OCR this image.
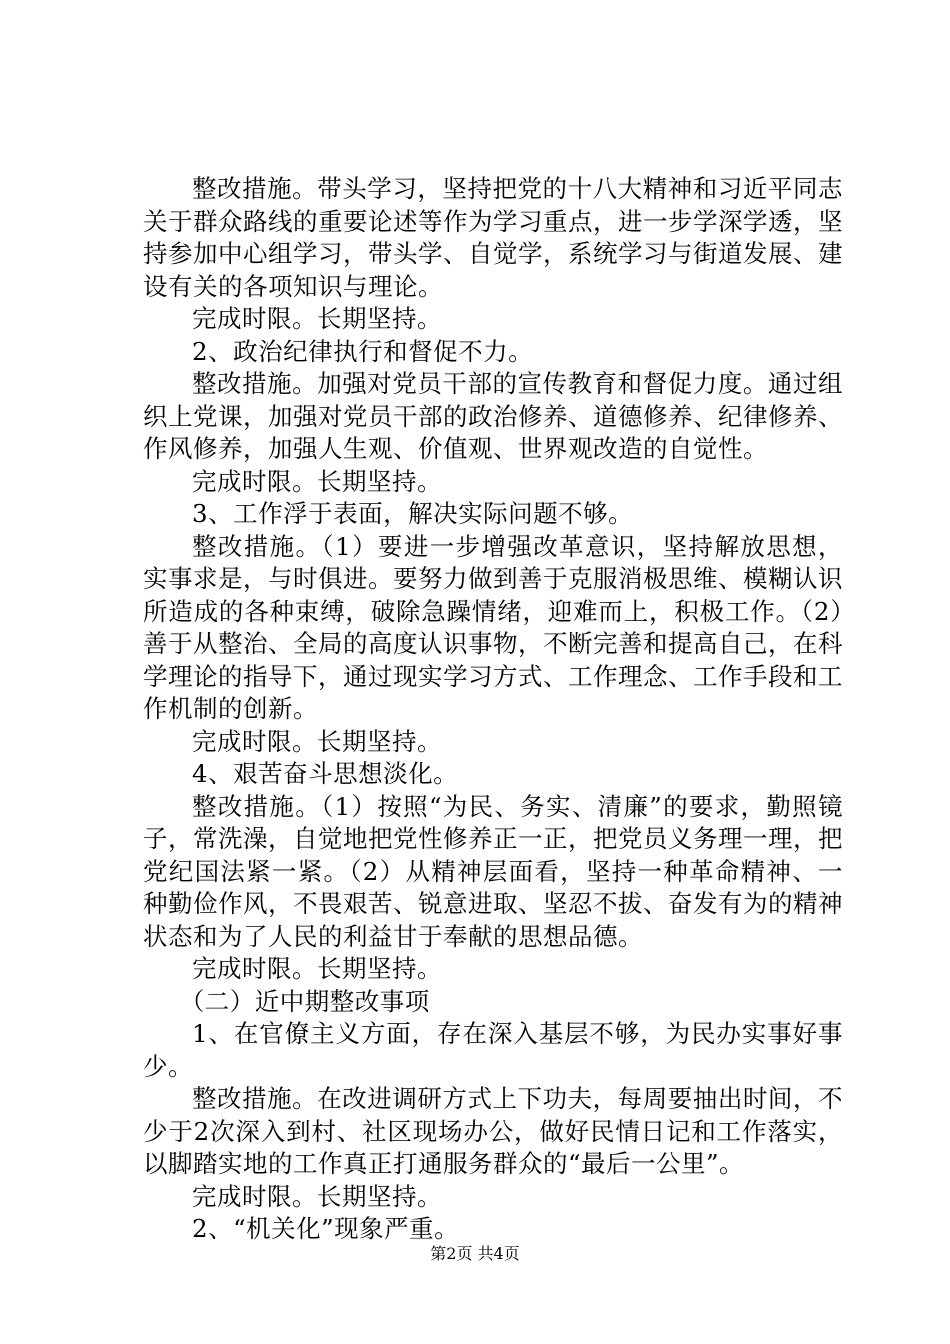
整改措施。带头学习，坚持把党的十八大精神和习近平同志关于群众路线的重要论述等作为学习重点，进一步学深学透，坚持参加中心组学习，带头学、自觉学，系统学习与街道发展、建设有关的各项知识与理论。

完成时限。长期坚持。

2、政治纪律执行和督促不力。

整改措施。加强对党员干部的宣传教育和督促力度。通过组织上党课，加强对党员干部的政治修养、道德修养、纪律修养、作风修养，加强人生观、价值观、世界观改造的自觉性。

完成时限。长期坚持。

3、工作浮于表面，解决实际问题不够。

整改措施。（1）要进一步增强改革意识，坚持解放思想，实事求是，与时俱进。要努力做到善于克服消极思维、模糊认识所造成的各种束缚，破除急躁情绪，迎难而上，积极工作。（2）善于从整治、全局的高度认识事物，不断完善和提高自己，在科学理论的指导下，通过现实学习方式、工作理念、工作手段和工作机制的创新。

完成时限。长期坚持。

4、艰苦奋斗思想淡化。

整改措施。（1）按照“为民、务实、清廉”的要求，勤照镜子，常洗澡，自觉地把党性修养正一正，把党员义务理一理，把党纪国法紧一紧。（2）从精神层面看，坚持一种革命精神、一种勤俭作风，不畏艰苦、锐意进取、坚忍不拔、奋发有为的精神状态和为了人民的利益甘于奉献的思想品德。

完成时限。长期坚持。

（二）近中期整改事项

1、在官僚主义方面，存在深入基层不够，为民办实事好事少。

整改措施。在改进调研方式上下功夫，每周要抽出时间，不少于2次深入到村、社区现场办公，做好民情日记和工作落实，以脚踏实地的工作真正打通服务群众的“最后一公里”。

完成时限。长期坚持。

2、“机关化”现象严重。

第2页 共4页
